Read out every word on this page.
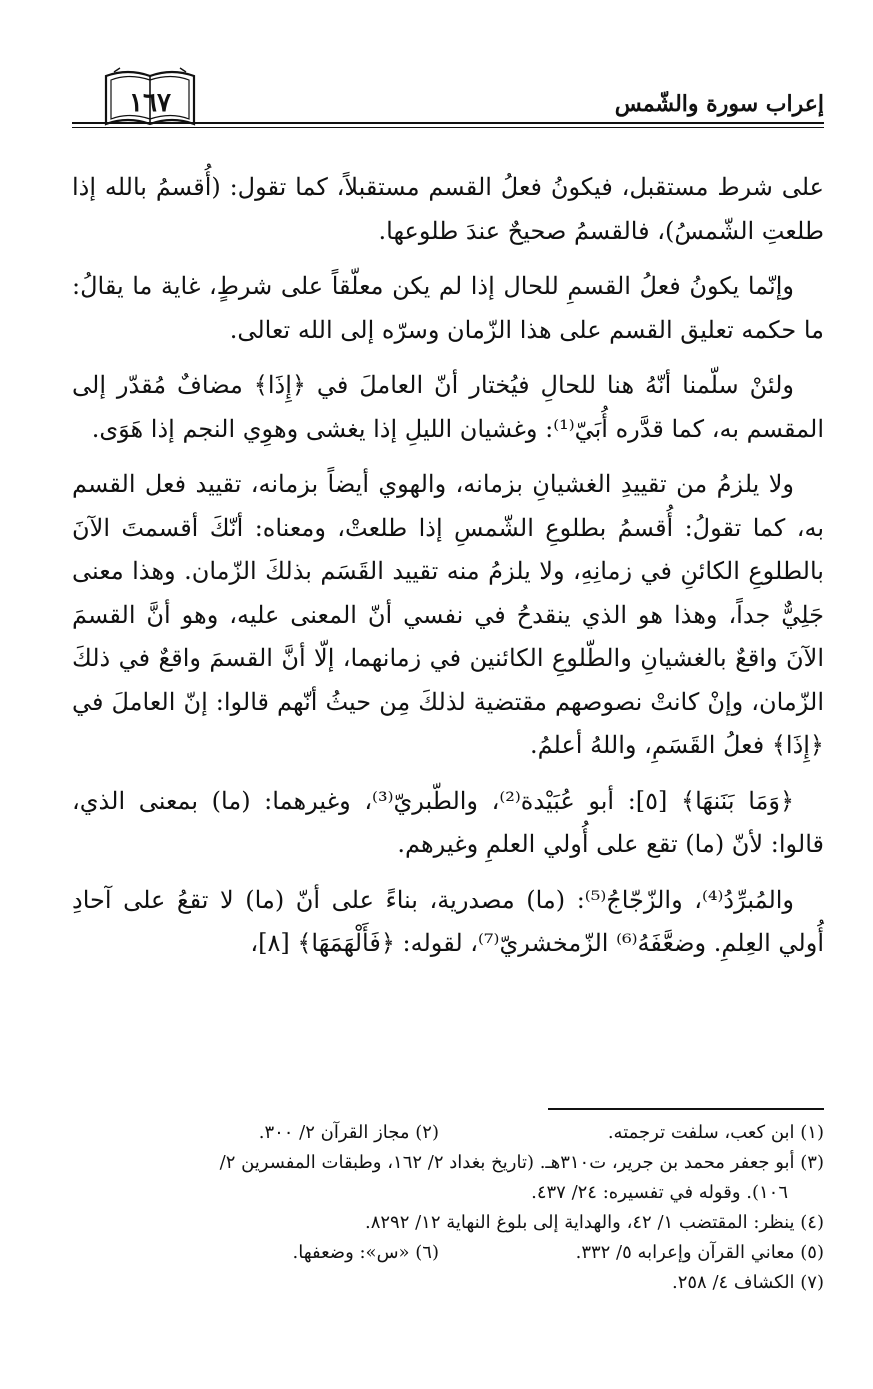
١٦٧	إعراب سورة والشّمس

على شرط مستقبل، فيكونُ فعلُ القسم مستقبلاً، كما تقول: (أُقسمُ بالله إذا طلعتِ الشّمسُ)، فالقسمُ صحيحٌ عندَ طلوعها.

وإنّما يكونُ فعلُ القسمِ للحال إذا لم يكن معلّقاً على شرطٍ، غاية ما يقالُ: ما حكمه تعليق القسم على هذا الزّمان وسرّه إلى الله تعالى.

ولئنْ سلّمنا أنّهُ هنا للحالِ فيُختار أنّ العاملَ في ﴿إِذَا﴾ مضافٌ مُقدّر إلى المقسم به، كما قدَّره أُبَيّ⁽¹⁾: وغشيان الليلِ إذا يغشى وهوِي النجم إذا هَوَى.

ولا يلزمُ من تقييدِ الغشيانِ بزمانه، والهوي أيضاً بزمانه، تقييد فعل القسم به، كما تقولُ: أُقسمُ بطلوعِ الشّمسِ إذا طلعتْ، ومعناه: أنّكَ أقسمتَ الآنَ بالطلوعِ الكائنِ في زمانِهِ، ولا يلزمُ منه تقييد القَسَم بذلكَ الزّمان. وهذا معنى جَلِيٌّ جداً، وهذا هو الذي ينقدحُ في نفسي أنّ المعنى عليه، وهو أنَّ القسمَ الآنَ واقعٌ بالغشيانِ والطّلوعِ الكائنين في زمانهما، إلّا أنَّ القسمَ واقعٌ في ذلكَ الزّمان، وإنْ كانتْ نصوصهم مقتضية لذلكَ مِن حيثُ أنّهم قالوا: إنّ العاملَ في ﴿إِذَا﴾ فعلُ القَسَمِ، واللهُ أعلمُ.

﴿وَمَا بَنَنهَا﴾ [٥]: أبو عُبَيْدة⁽²⁾، والطّبريّ⁽³⁾، وغيرهما: (ما) بمعنى الذي، قالوا: لأنّ (ما) تقع على أُولي العلمِ وغيرهم.

والمُبرِّدُ⁽⁴⁾، والزّجّاجُ⁽⁵⁾: (ما) مصدرية، بناءً على أنّ (ما) لا تقعُ على آحادِ أُولي العِلمِ. وضعَّفَهُ⁽⁶⁾ الزّمخشريّ⁽⁷⁾، لقوله: ﴿فَأَلْهَمَهَا﴾ [٨]،

(١) ابن كعب، سلفت ترجمته.
(٢) مجاز القرآن ٢/ ٣٠٠.
(٣) أبو جعفر محمد بن جرير، ت٣١٠هـ. (تاريخ بغداد ٢/ ١٦٢، وطبقات المفسرين ٢/
١٠٦). وقوله في تفسيره: ٢٤/ ٤٣٧.
(٤) ينظر: المقتضب ١/ ٤٢، والهداية إلى بلوغ النهاية ١٢/ ٨٢٩٢.
(٥) معاني القرآن وإعرابه ٥/ ٣٣٢.
(٦) «س»: وضعفها.
(٧) الكشاف ٤/ ٢٥٨.
